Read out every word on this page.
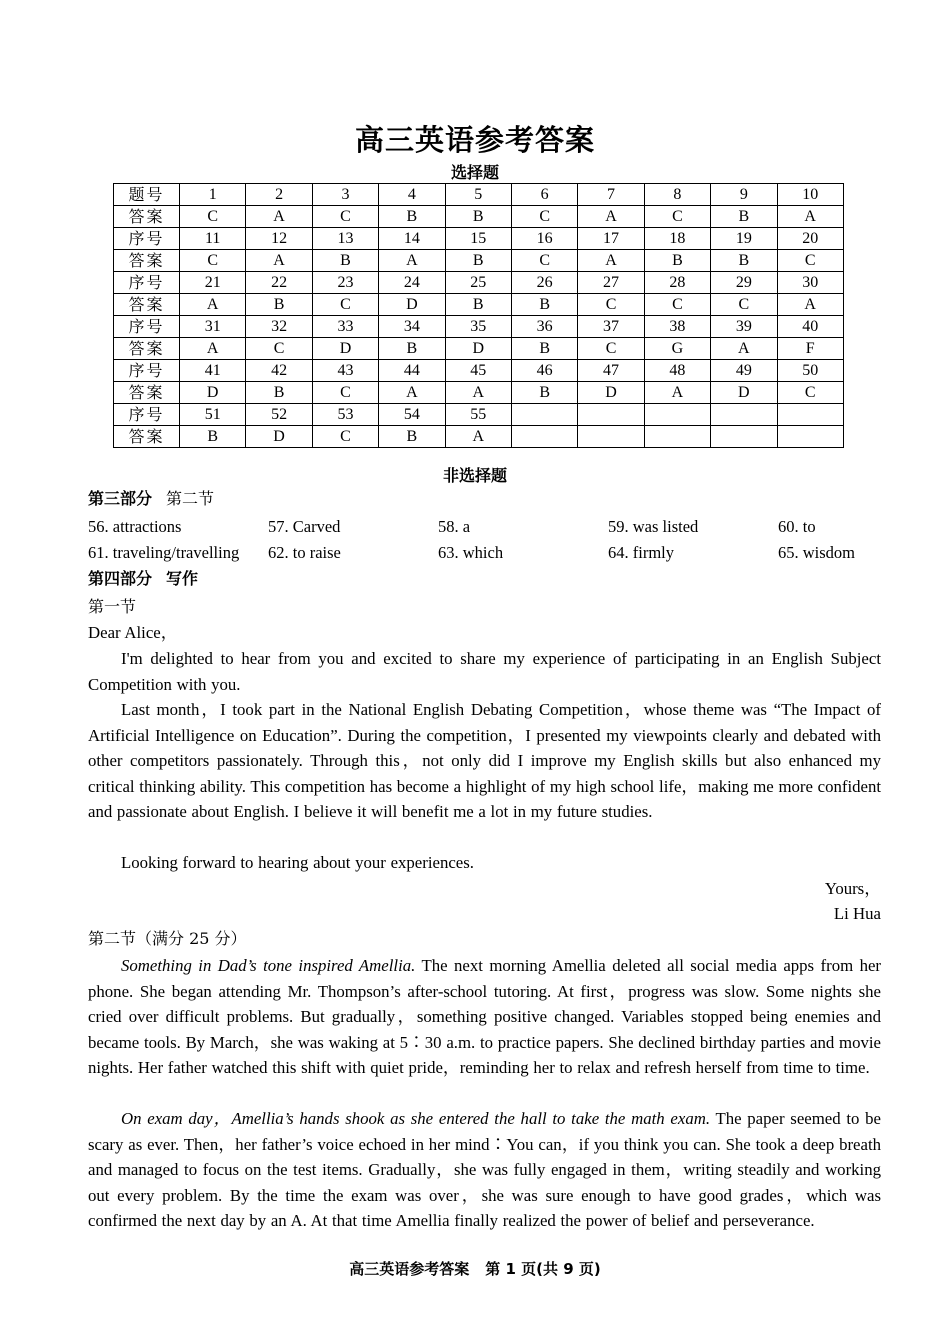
高三英语参考答案
选择题
题号	1	2	3	4	5	6	7	8	9	10
答案	C	A	C	B	B	C	A	C	B	A
序号	11	12	13	14	15	16	17	18	19	20
答案	C	A	B	A	B	C	A	B	B	C
序号	21	22	23	24	25	26	27	28	29	30
答案	A	B	C	D	B	B	C	C	C	A
序号	31	32	33	34	35	36	37	38	39	40
答案	A	C	D	B	D	B	C	G	A	F
序号	41	42	43	44	45	46	47	48	49	50
答案	D	B	C	A	A	B	D	A	D	C
序号	51	52	53	54	55					
答案	B	D	C	B	A					
非选择题
第三部分 第二节
56. attractions	57. Carved	58. a	59. was listed	60. to
61. traveling/travelling 62. to raise	63. which	64. firmly	65. wisdom
第四部分 写作
第一节
Dear Alice，
I'm delighted to hear from you and excited to share my experience of participating in an English Subject Competition with you.
Last month，I took part in the National English Debating Competition，whose theme was “The Impact of Artificial Intelligence on Education”. During the competition，I presented my viewpoints clearly and debated with other competitors passionately. Through this，not only did I improve my English skills but also enhanced my critical thinking ability. This competition has become a highlight of my high school life，making me more confident and passionate about English. I believe it will benefit me a lot in my future studies.
Looking forward to hearing about your experiences.
Yours，
Li Hua
第二节（满分 25 分）
Something in Dad’s tone inspired Amellia. The next morning Amellia deleted all social media apps from her phone. She began attending Mr. Thompson’s after-school tutoring. At first，progress was slow. Some nights she cried over difficult problems. But gradually，something positive changed. Variables stopped being enemies and became tools. By March，she was waking at 5∶30 a.m. to practice papers. She declined birthday parties and movie nights. Her father watched this shift with quiet pride，reminding her to relax and refresh herself from time to time.
On exam day，Amellia’s hands shook as she entered the hall to take the math exam. The paper seemed to be scary as ever. Then，her father’s voice echoed in her mind∶You can，if you think you can. She took a deep breath and managed to focus on the test items. Gradually，she was fully engaged in them，writing steadily and working out every problem. By the time the exam was over，she was sure enough to have good grades，which was confirmed the next day by an A. At that time Amellia finally realized the power of belief and perseverance.
高三英语参考答案 第 1 页(共 9 页)
